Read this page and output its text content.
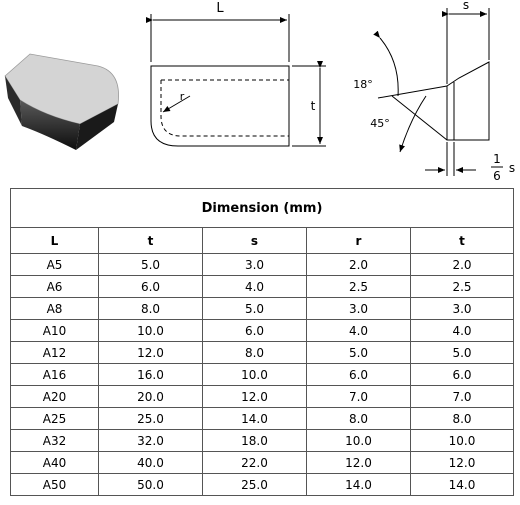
L
t
r
s
18°
45°
1
6
s
Dimension (mm)				
L	t	s	r	t
A5	5.0	3.0	2.0	2.0
A6	6.0	4.0	2.5	2.5
A8	8.0	5.0	3.0	3.0
A10	10.0	6.0	4.0	4.0
A12	12.0	8.0	5.0	5.0
A16	16.0	10.0	6.0	6.0
A20	20.0	12.0	7.0	7.0
A25	25.0	14.0	8.0	8.0
A32	32.0	18.0	10.0	10.0
A40	40.0	22.0	12.0	12.0
A50	50.0	25.0	14.0	14.0
